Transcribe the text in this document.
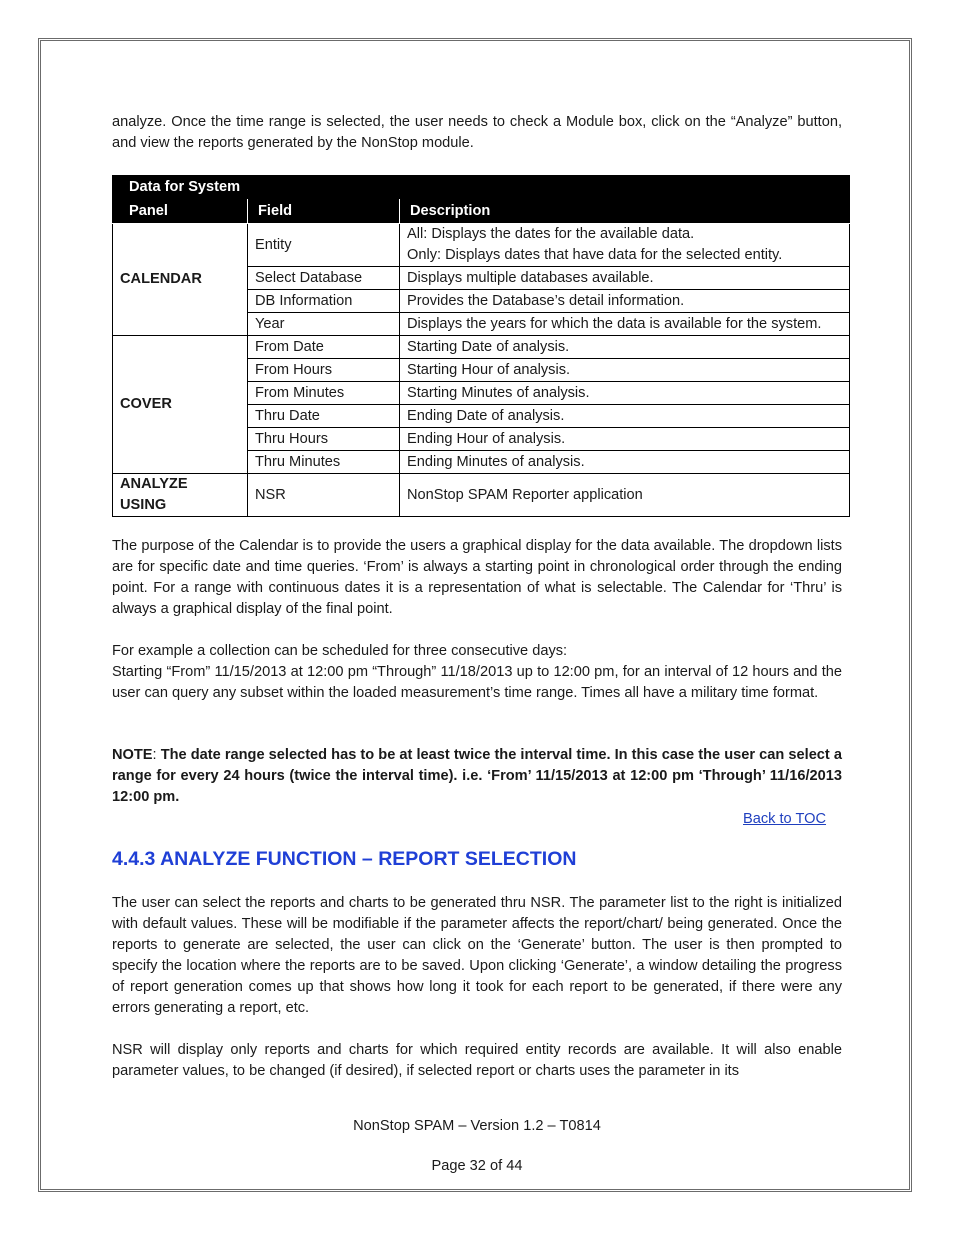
analyze. Once the time range is selected, the user needs to check a Module box, click on the “Analyze” button, and view the reports generated by the NonStop module.

The purpose of the Calendar is to provide the users a graphical display for the data available. The dropdown lists are for specific date and time queries. ‘From’ is always a starting point in chronological order through the ending point. For a range with continuous dates it is a representation of what is selectable. The Calendar for ‘Thru’ is always a graphical display of the final point.

For example a collection can be scheduled for three consecutive days:

Starting “From” 11/15/2013 at 12:00 pm “Through” 11/18/2013 up to 12:00 pm, for an interval of 12 hours and the user can query any subset within the loaded measurement’s time range. Times all have a military time format.

NOTE: The date range selected has to be at least twice the interval time. In this case the user can select a range for every 24 hours (twice the interval time). i.e. ‘From’ 11/15/2013 at 12:00 pm ‘Through’ 11/16/2013 12:00 pm.

The user can select the reports and charts to be generated thru NSR. The parameter list to the right is initialized with default values. These will be modifiable if the parameter affects the report/chart/ being generated. Once the reports to generate are selected, the user can click on the ‘Generate’ button. The user is then prompted to specify the location where the reports are to be saved. Upon clicking ‘Generate’, a window detailing the progress of report generation comes up that shows how long it took for each report to be generated, if there were any errors generating a report, etc.

NSR will display only reports and charts for which required entity records are available. It will also enable parameter values, to be changed (if desired), if selected report or charts uses the parameter in its

Data for System		
Panel	Field	Description
CALENDAR	Entity	All: Displays the dates for the available data.
Only: Displays dates that have data for the selected entity.
	Select Database	Displays multiple databases available.
	DB Information	Provides the Database’s detail information.
	Year	Displays the years for which the data is available for the system.
COVER	From Date	Starting Date of analysis.
	From Hours	Starting Hour of analysis.
	From Minutes	Starting Minutes of analysis.
	Thru Date	Ending Date of analysis.
	Thru Hours	Ending Hour of analysis.
	Thru Minutes	Ending Minutes of analysis.
ANALYZE
USING	NSR	NonStop SPAM Reporter application
Back to TOC
4.4.3 ANALYZE FUNCTION – REPORT SELECTION
NonStop SPAM – Version 1.2 – T0814
Page 32 of 44
